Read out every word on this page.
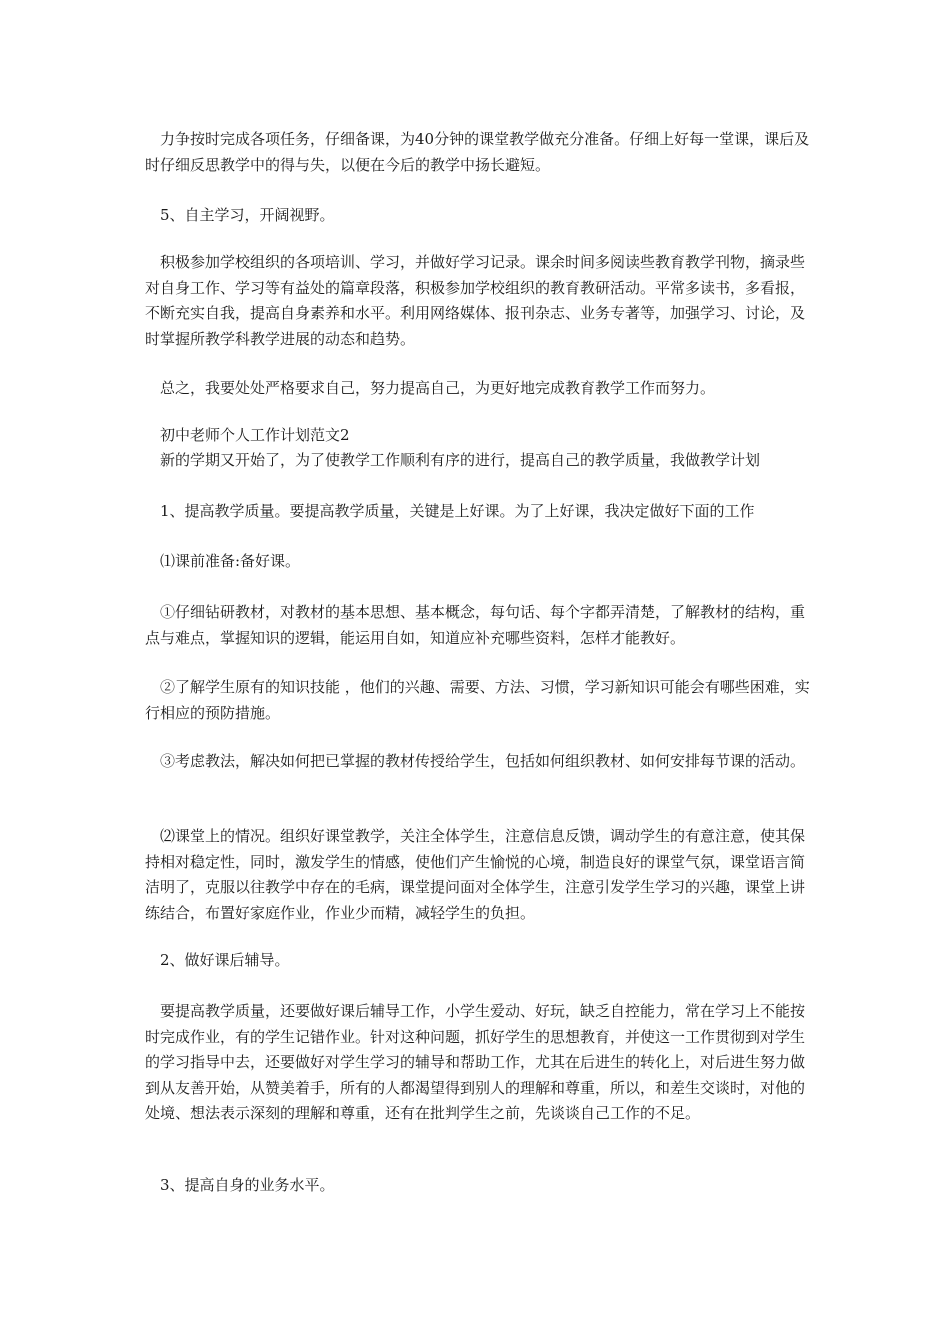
力争按时完成各项任务，仔细备课，为40分钟的课堂教学做充分准备。仔细上好每一堂课，课后及时仔细反思教学中的得与失，以便在今后的教学中扬长避短。

5、自主学习，开阔视野。

积极参加学校组织的各项培训、学习，并做好学习记录。课余时间多阅读些教育教学刊物，摘录些对自身工作、学习等有益处的篇章段落，积极参加学校组织的教育教研活动。平常多读书，多看报，不断充实自我，提高自身素养和水平。利用网络媒体、报刊杂志、业务专著等，加强学习、讨论，及时掌握所教学科教学进展的动态和趋势。

总之，我要处处严格要求自己，努力提高自己，为更好地完成教育教学工作而努力。

初中老师个人工作计划范文2

新的学期又开始了，为了使教学工作顺利有序的进行，提高自己的教学质量，我做教学计划

1、提高教学质量。要提高教学质量，关键是上好课。为了上好课，我决定做好下面的工作

⑴课前准备:备好课。

①仔细钻研教材，对教材的基本思想、基本概念，每句话、每个字都弄清楚，了解教材的结构，重点与难点，掌握知识的逻辑，能运用自如，知道应补充哪些资料，怎样才能教好。

②了解学生原有的知识技能 ，他们的兴趣、需要、方法、习惯，学习新知识可能会有哪些困难，实行相应的预防措施。

③考虑教法，解决如何把已掌握的教材传授给学生，包括如何组织教材、如何安排每节课的活动。

⑵课堂上的情况。组织好课堂教学，关注全体学生，注意信息反馈，调动学生的有意注意，使其保持相对稳定性，同时，激发学生的情感，使他们产生愉悦的心境，制造良好的课堂气氛，课堂语言简洁明了，克服以往教学中存在的毛病，课堂提问面对全体学生，注意引发学生学习的兴趣，课堂上讲练结合，布置好家庭作业，作业少而精，减轻学生的负担。

2、做好课后辅导。

要提高教学质量，还要做好课后辅导工作，小学生爱动、好玩，缺乏自控能力，常在学习上不能按时完成作业，有的学生记错作业。针对这种问题，抓好学生的思想教育，并使这一工作贯彻到对学生的学习指导中去，还要做好对学生学习的辅导和帮助工作，尤其在后进生的转化上，对后进生努力做到从友善开始，从赞美着手，所有的人都渴望得到别人的理解和尊重，所以，和差生交谈时，对他的处境、想法表示深刻的理解和尊重，还有在批判学生之前，先谈谈自己工作的不足。

3、提高自身的业务水平。
